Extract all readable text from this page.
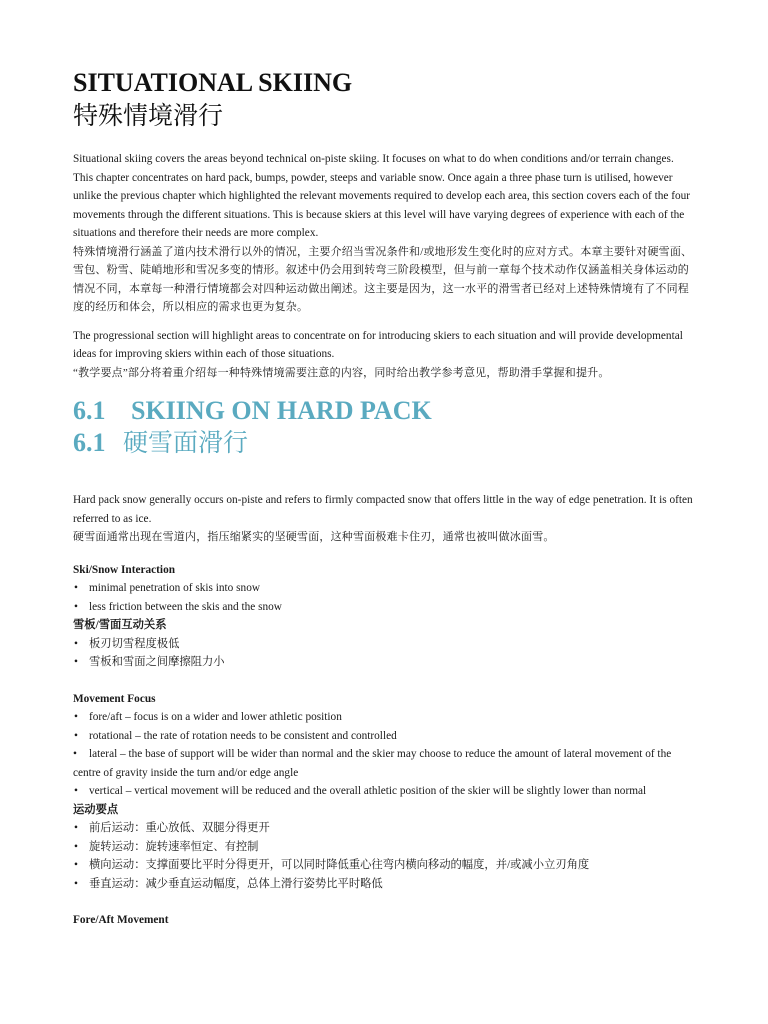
SITUATIONAL SKIING
特殊情境滑行

Situational skiing covers the areas beyond technical on-piste skiing. It focuses on what to do when conditions and/or terrain changes. This chapter concentrates on hard pack, bumps, powder, steeps and variable snow. Once again a three phase turn is utilised, however unlike the previous chapter which highlighted the relevant movements required to develop each area, this section covers each of the four movements through the different situations. This is because skiers at this level will have varying degrees of experience with each of the situations and therefore their needs are more complex.

特殊情境滑行涵盖了道内技术滑行以外的情况，主要介绍当雪况条件和/或地形发生变化时的应对方式。本章主要针对硬雪面、雪包、粉雪、陡峭地形和雪况多变的情形。叙述中仍会用到转弯三阶段模型，但与前一章每个技术动作仅涵盖相关身体运动的情况不同，本章每一种滑行情境都会对四种运动做出阐述。这主要是因为，这一水平的滑雪者已经对上述特殊情境有了不同程度的经历和体会，所以相应的需求也更为复杂。

The progressional section will highlight areas to concentrate on for introducing skiers to each situation and will provide developmental ideas for improving skiers within each of those situations.

“教学要点”部分将着重介绍每一种特殊情境需要注意的内容，同时给出教学参考意见，帮助滑手掌握和提升。

6.1 SKIING ON HARD PACK
6.1 硬雪面滑行

Hard pack snow generally occurs on-piste and refers to firmly compacted snow that offers little in the way of edge penetration. It is often referred to as ice.

硬雪面通常出现在雪道内，指压缩紧实的坚硬雪面，这种雪面极难卡住刃，通常也被叫做冰面雪。

Ski/Snow Interaction

• minimal penetration of skis into snow
• less friction between the skis and the snow

雪板/雪面互动关系

• 板刃切雪程度极低
• 雪板和雪面之间摩擦阻力小

Movement Focus

• fore/aft – focus is on a wider and lower athletic position
• rotational – the rate of rotation needs to be consistent and controlled
• lateral – the base of support will be wider than normal and the skier may choose to reduce the amount of lateral movement of the centre of gravity inside the turn and/or edge angle
• vertical – vertical movement will be reduced and the overall athletic position of the skier will be slightly lower than normal

运动要点

• 前后运动：重心放低、双腿分得更开
• 旋转运动：旋转速率恒定、有控制
• 横向运动：支撑面要比平时分得更开，可以同时降低重心往弯内横向移动的幅度，并/或减小立刃角度
• 垂直运动：减少垂直运动幅度，总体上滑行姿势比平时略低

Fore/Aft Movement
